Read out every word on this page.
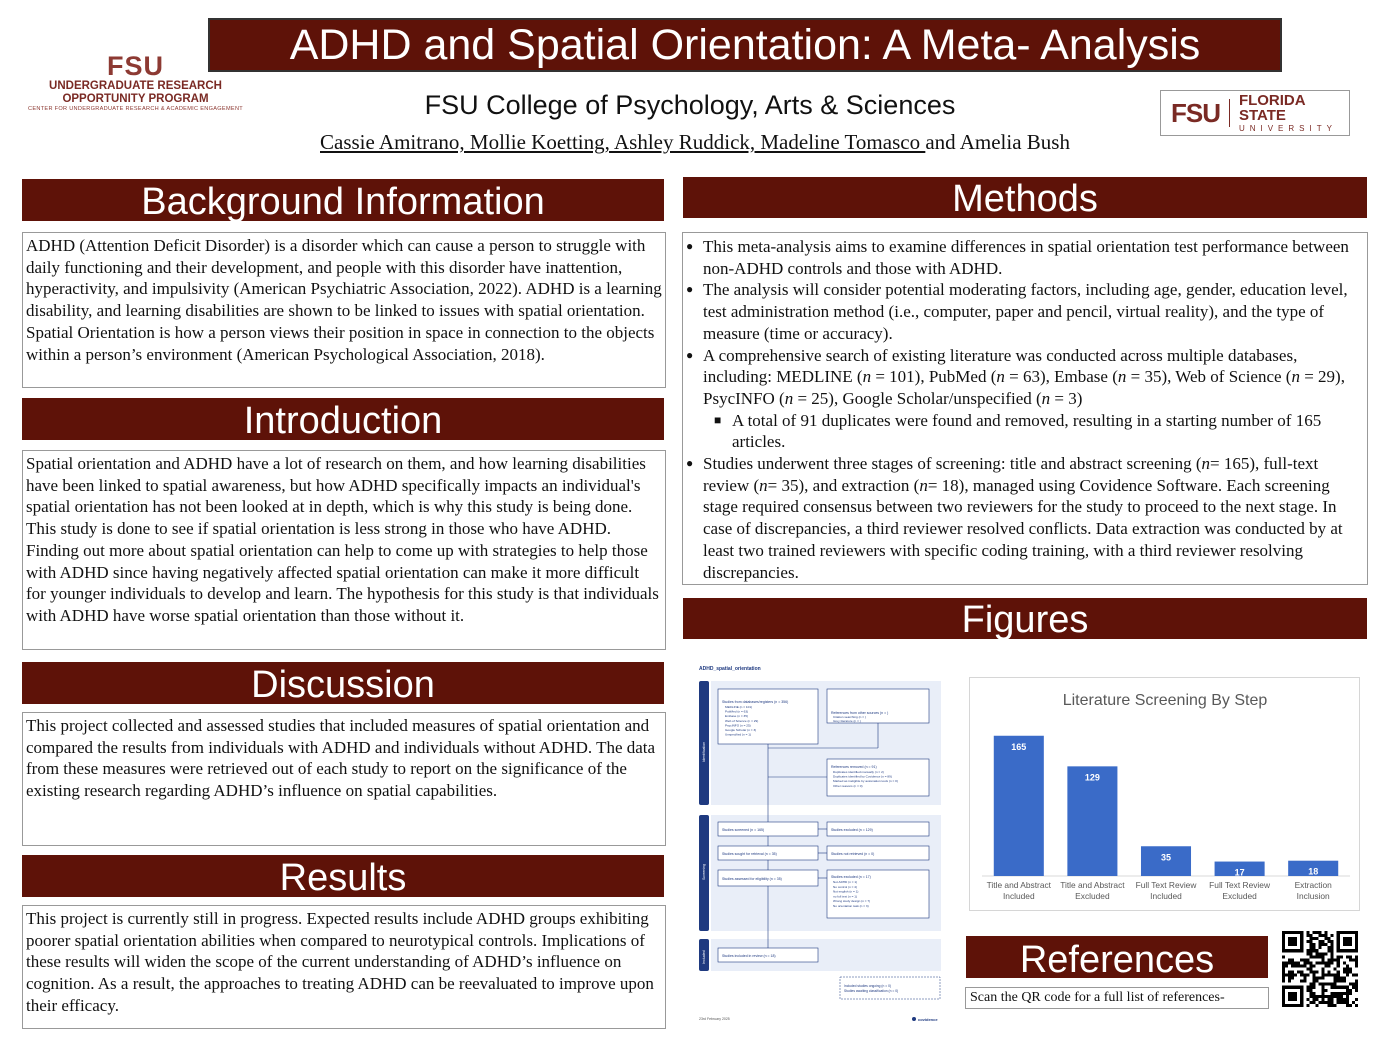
FSU
UNDERGRADUATE RESEARCH
OPPORTUNITY PROGRAM
CENTER FOR UNDERGRADUATE RESEARCH & ACADEMIC ENGAGEMENT
ADHD and Spatial Orientation: A Meta- Analysis
FSU College of Psychology, Arts & Sciences
Cassie Amitrano, Mollie Koetting, Ashley Ruddick, Madeline Tomasco and Amelia Bush
FSU FLORIDA STATE
UNIVERSITY
Background Information
ADHD (Attention Deficit Disorder) is a disorder which can cause a person to struggle with daily functioning and their development, and people with this disorder have inattention, hyperactivity, and impulsivity (American Psychiatric Association, 2022). ADHD is a learning disability, and learning disabilities are shown to be linked to issues with spatial orientation. Spatial Orientation is how a person views their position in space in connection to the objects within a person’s environment (American Psychological Association, 2018).
Introduction
Spatial orientation and ADHD have a lot of research on them, and how learning disabilities have been linked to spatial awareness, but how ADHD specifically impacts an individual's spatial orientation has not been looked at in depth, which is why this study is being done. This study is done to see if spatial orientation is less strong in those who have ADHD. Finding out more about spatial orientation can help to come up with strategies to help those with ADHD since having negatively affected spatial orientation can make it more difficult for younger individuals to develop and learn. The hypothesis for this study is that individuals with ADHD have worse spatial orientation than those without it.
Discussion
This project collected and assessed studies that included measures of spatial orientation and compared the results from individuals with ADHD and individuals without ADHD. The data from these measures were retrieved out of each study to report on the significance of the existing research regarding ADHD’s influence on spatial capabilities.
Results
This project is currently still in progress. Expected results include ADHD groups exhibiting poorer spatial orientation abilities when compared to neurotypical controls. Implications of these results will widen the scope of the current understanding of ADHD’s influence on cognition. As a result, the approaches to treating ADHD can be reevaluated to improve upon their efficacy.
Methods
● This meta-analysis aims to examine differences in spatial orientation test performance between non-ADHD controls and those with ADHD.
● The analysis will consider potential moderating factors, including age, gender, education level, test administration method (i.e., computer, paper and pencil, virtual reality), and the type of measure (time or accuracy).
● A comprehensive search of existing literature was conducted across multiple databases, including: MEDLINE (n = 101), PubMed (n = 63), Embase (n = 35), Web of Science (n = 29), PsycINFO (n = 25), Google Scholar/unspecified (n = 3)
■ A total of 91 duplicates were found and removed, resulting in a starting number of 165 articles.
● Studies underwent three stages of screening: title and abstract screening (n= 165), full-text review (n= 35), and extraction (n= 18), managed using Covidence Software. Each screening stage required consensus between two reviewers for the study to proceed to the next stage. In case of discrepancies, a third reviewer resolved conflicts. Data extraction was conducted by at least two trained reviewers with specific coding training, with a third reviewer resolving discrepancies.
Figures
ADHD_spatial_orientation
Identification
Screening
Included
Studies from databases/registers (n = 356)
MEDLINE (n = 101)
PubMed (n = 63)
Embase (n = 35)
Web of Science (n = 29)
PsycINFO (n = 25)
Google Scholar (n = 3)
Unspecified (n = 1)
References from other sources (n = )
Citation searching (n = )
Grey literature (n = )
References removed (n = 91)
Duplicates identified manually (n = 2)
Duplicates identified by Covidence (n = 89)
Marked as ineligible by automation tools (n = 0)
Other reasons (n = 0)
Studies screened (n = 165)	Studies excluded (n = 129)
Studies sought for retrieval (n = 35)	Studies not retrieved (n = 0)
Studies assessed for eligibility (n = 35)	Studies excluded (n = 17)
Not ADHD (n = 1)
No control (n = 4)
Not english (n = 1)
no full text (n = 1)
Wrong study design (n = 7)
No orientation task (n = 3)
Studies included in review (n = 18)
Included studies ongoing (n = 0)
Studies awaiting classification (n = 0)
23rd February 2025	covidence
Literature Screening By Step
165
Title and Abstract
Included
129
Title and Abstract
Excluded
35
Full Text Review
Included
17
Full Text Review
Excluded
18
Extraction
Inclusion
References
Scan the QR code for a full list of references-
